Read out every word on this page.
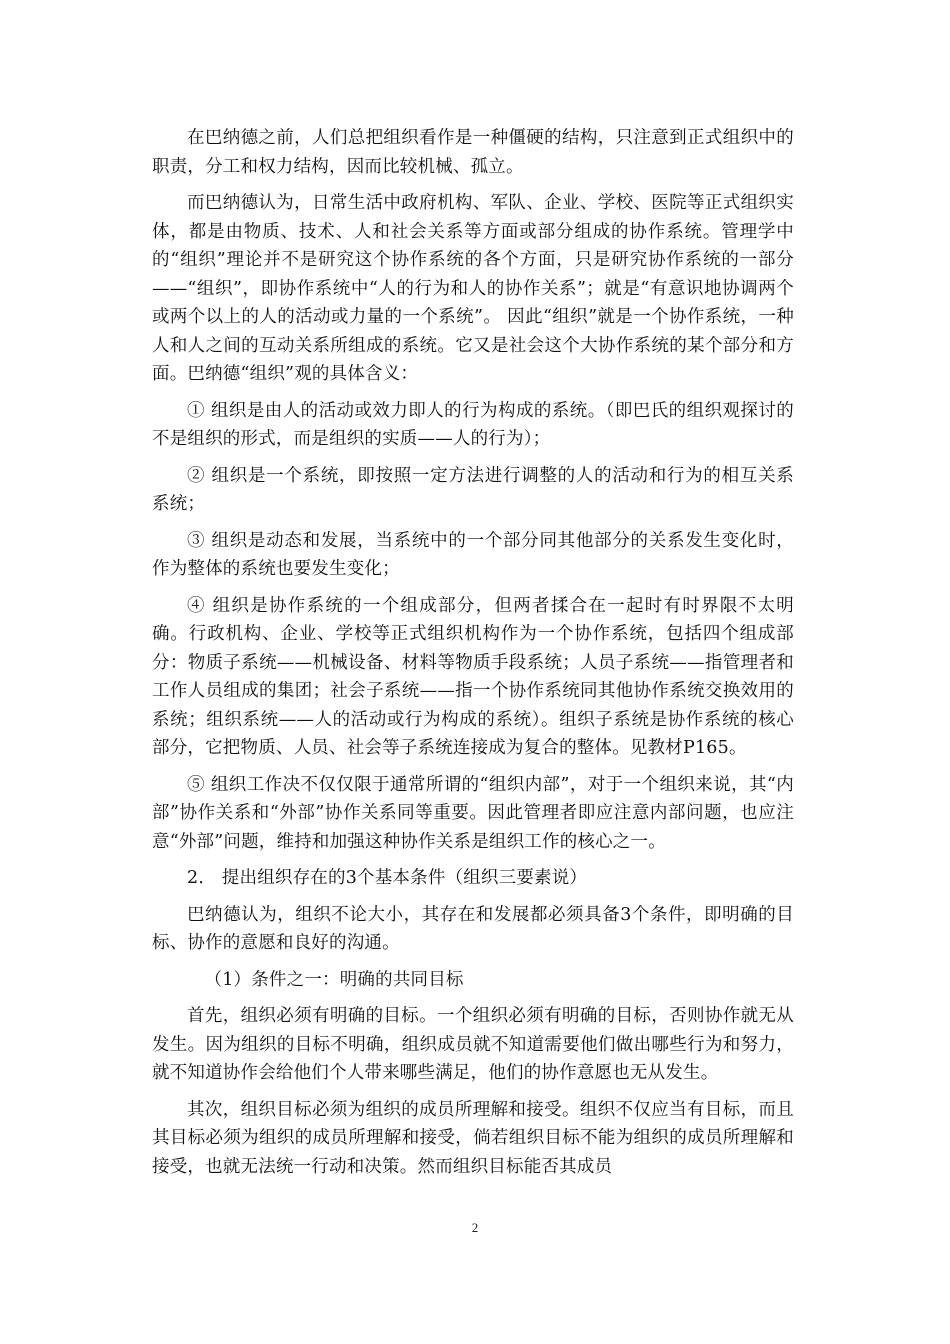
在巴纳德之前，人们总把组织看作是一种僵硬的结构，只注意到正式组织中的职责，分工和权力结构，因而比较机械、孤立。

而巴纳德认为，日常生活中政府机构、军队、企业、学校、医院等正式组织实体，都是由物质、技术、人和社会关系等方面或部分组成的协作系统。管理学中的“组织”理论并不是研究这个协作系统的各个方面，只是研究协作系统的一部分——“组织”，即协作系统中“人的行为和人的协作关系”；就是“有意识地协调两个或两个以上的人的活动或力量的一个系统”。 因此“组织”就是一个协作系统，一种人和人之间的互动关系所组成的系统。它又是社会这个大协作系统的某个部分和方面。巴纳德“组织”观的具体含义：

① 组织是由人的活动或效力即人的行为构成的系统。（即巴氏的组织观探讨的不是组织的形式，而是组织的实质——人的行为）；

② 组织是一个系统，即按照一定方法进行调整的人的活动和行为的相互关系系统；

③ 组织是动态和发展，当系统中的一个部分同其他部分的关系发生变化时，作为整体的系统也要发生变化；

④ 组织是协作系统的一个组成部分，但两者揉合在一起时有时界限不太明确。行政机构、企业、学校等正式组织机构作为一个协作系统，包括四个组成部分：物质子系统——机械设备、材料等物质手段系统；人员子系统——指管理者和工作人员组成的集团；社会子系统——指一个协作系统同其他协作系统交换效用的系统；组织系统——人的活动或行为构成的系统）。组织子系统是协作系统的核心部分，它把物质、人员、社会等子系统连接成为复合的整体。见教材P165。

⑤ 组织工作决不仅仅限于通常所谓的“组织内部”，对于一个组织来说，其“内部”协作关系和“外部”协作关系同等重要。因此管理者即应注意内部问题，也应注意“外部”问题，维持和加强这种协作关系是组织工作的核心之一。

2． 提出组织存在的3个基本条件（组织三要素说）

巴纳德认为，组织不论大小，其存在和发展都必须具备3个条件，即明确的目标、协作的意愿和良好的沟通。

（1）条件之一：明确的共同目标

首先，组织必须有明确的目标。一个组织必须有明确的目标，否则协作就无从发生。因为组织的目标不明确，组织成员就不知道需要他们做出哪些行为和努力，就不知道协作会给他们个人带来哪些满足，他们的协作意愿也无从发生。

其次，组织目标必须为组织的成员所理解和接受。组织不仅应当有目标，而且其目标必须为组织的成员所理解和接受，倘若组织目标不能为组织的成员所理解和接受，也就无法统一行动和决策。然而组织目标能否其成员

2
